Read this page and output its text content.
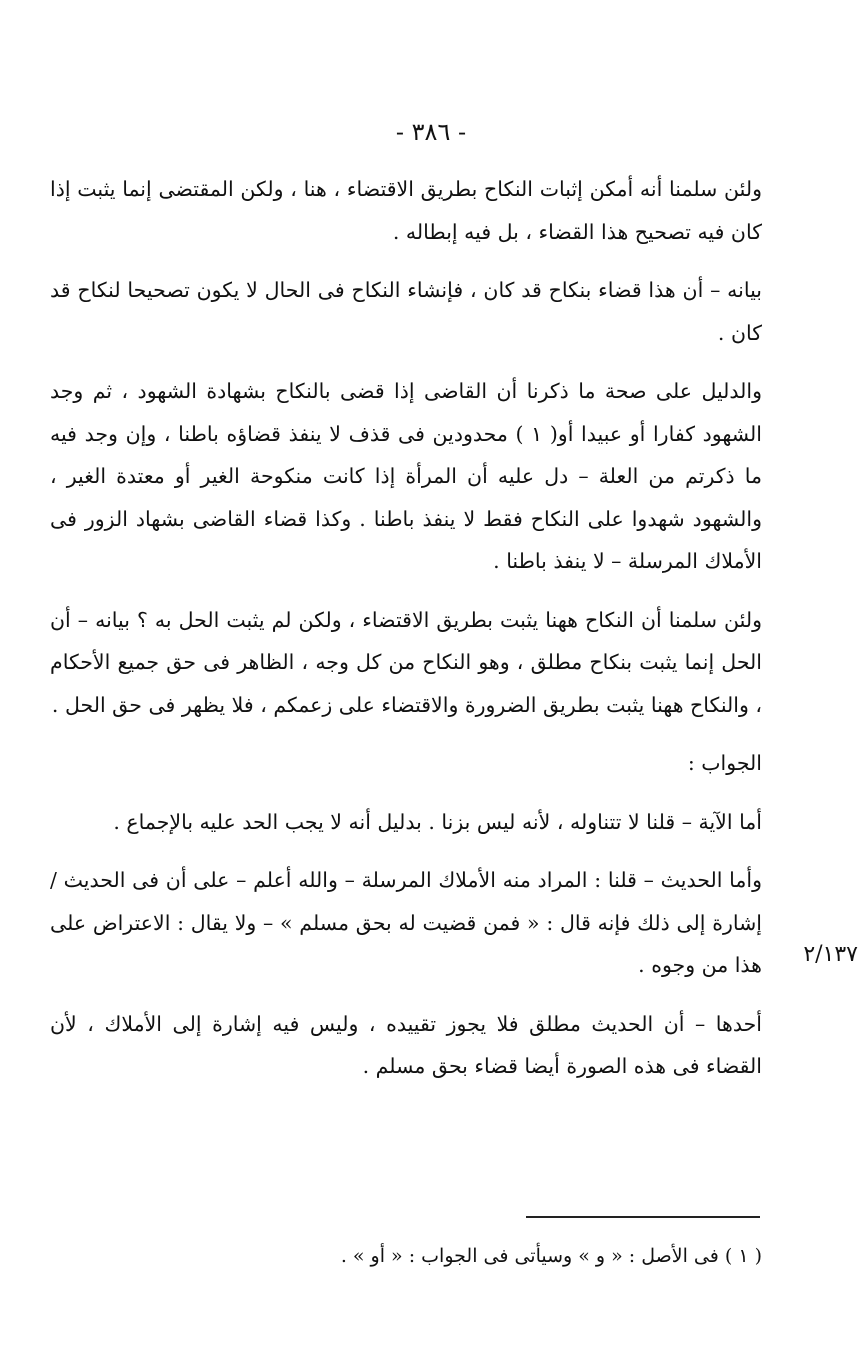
- ٣٨٦ -

ولئن سلمنا أنه أمكن إثبات النكاح بطريق الاقتضاء ، هنا ، ولكن المقتضى إنما يثبت إذا كان فيه تصحيح هذا القضاء ، بل فيه إبطاله .

بيانه – أن هذا قضاء بنكاح قد كان ، فإنشاء النكاح فى الحال لا يكون تصحيحا لنكاح قد كان .

والدليل على صحة ما ذكرنا أن القاضى إذا قضى بالنكاح بشهادة الشهود ، ثم وجد الشهود كفارا أو عبيدا أو( ١ ) محدودين فى قذف لا ينفذ قضاؤه باطنا ، وإن وجد فيه ما ذكرتم من العلة – دل عليه أن المرأة إذا كانت منكوحة الغير أو معتدة الغير ، والشهود شهدوا على النكاح فقط لا ينفذ باطنا . وكذا قضاء القاضى بشهاد الزور فى الأملاك المرسلة – لا ينفذ باطنا .

ولئن سلمنا أن النكاح ههنا يثبت بطريق الاقتضاء ، ولكن لم يثبت الحل به ؟ بيانه – أن الحل إنما يثبت بنكاح مطلق ، وهو النكاح من كل وجه ، الظاهر فى حق جميع الأحكام ، والنكاح ههنا يثبت بطريق الضرورة والاقتضاء على زعمكم ، فلا يظهر فى حق الحل .

الجواب :

أما الآية – قلنا لا تتناوله ، لأنه ليس بزنا . بدليل أنه لا يجب الحد عليه بالإجماع .

وأما الحديث – قلنا : المراد منه الأملاك المرسلة – والله أعلم – على أن فى الحديث / إشارة إلى ذلك فإنه قال : « فمن قضيت له بحق مسلم » – ولا يقال : الاعتراض على هذا من وجوه .

أحدها – أن الحديث مطلق فلا يجوز تقييده ، وليس فيه إشارة إلى الأملاك ، لأن القضاء فى هذه الصورة أيضا قضاء بحق مسلم .

٢/١٣٧
( ١ ) فى الأصل : « و » وسيأتى فى الجواب : « أو » .
